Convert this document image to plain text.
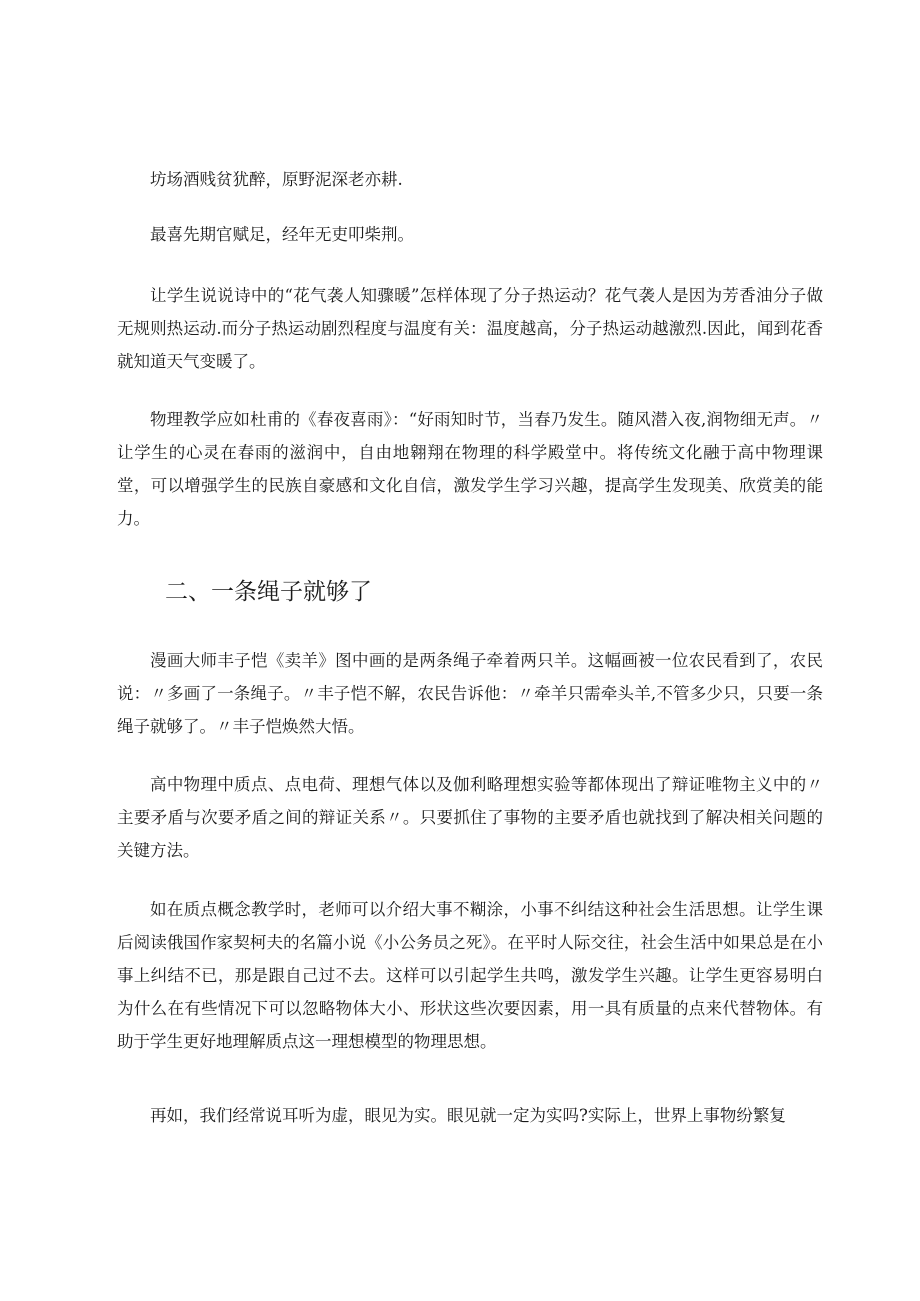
坊场酒贱贫犹醉，原野泥深老亦耕.

最喜先期官赋足，经年无吏叩柴荆。

让学生说说诗中的“花气袭人知骤暖”怎样体现了分子热运动？花气袭人是因为芳香油分子做无规则热运动.而分子热运动剧烈程度与温度有关：温度越高，分子热运动越激烈.因此，闻到花香就知道天气变暖了。

物理教学应如杜甫的《春夜喜雨》：“好雨知时节，当春乃发生。随风潜入夜,润物细无声。〃让学生的心灵在春雨的滋润中，自由地翱翔在物理的科学殿堂中。将传统文化融于高中物理课堂，可以增强学生的民族自豪感和文化自信，激发学生学习兴趣，提高学生发现美、欣赏美的能力。

二、一条绳子就够了

漫画大师丰子恺《卖羊》图中画的是两条绳子牵着两只羊。这幅画被一位农民看到了，农民说：〃多画了一条绳子。〃丰子恺不解，农民告诉他：〃牵羊只需牵头羊,不管多少只，只要一条绳子就够了。〃丰子恺焕然大悟。

高中物理中质点、点电荷、理想气体以及伽利略理想实验等都体现出了辩证唯物主义中的〃主要矛盾与次要矛盾之间的辩证关系〃。只要抓住了事物的主要矛盾也就找到了解决相关问题的关键方法。

如在质点概念教学时，老师可以介绍大事不糊涂，小事不纠结这种社会生活思想。让学生课后阅读俄国作家契柯夫的名篇小说《小公务员之死》。在平时人际交往，社会生活中如果总是在小事上纠结不已，那是跟自己过不去。这样可以引起学生共鸣，激发学生兴趣。让学生更容易明白为什么在有些情况下可以忽略物体大小、形状这些次要因素，用一具有质量的点来代替物体。有助于学生更好地理解质点这一理想模型的物理思想。

再如，我们经常说耳听为虚，眼见为实。眼见就一定为实吗?实际上，世界上事物纷繁复
